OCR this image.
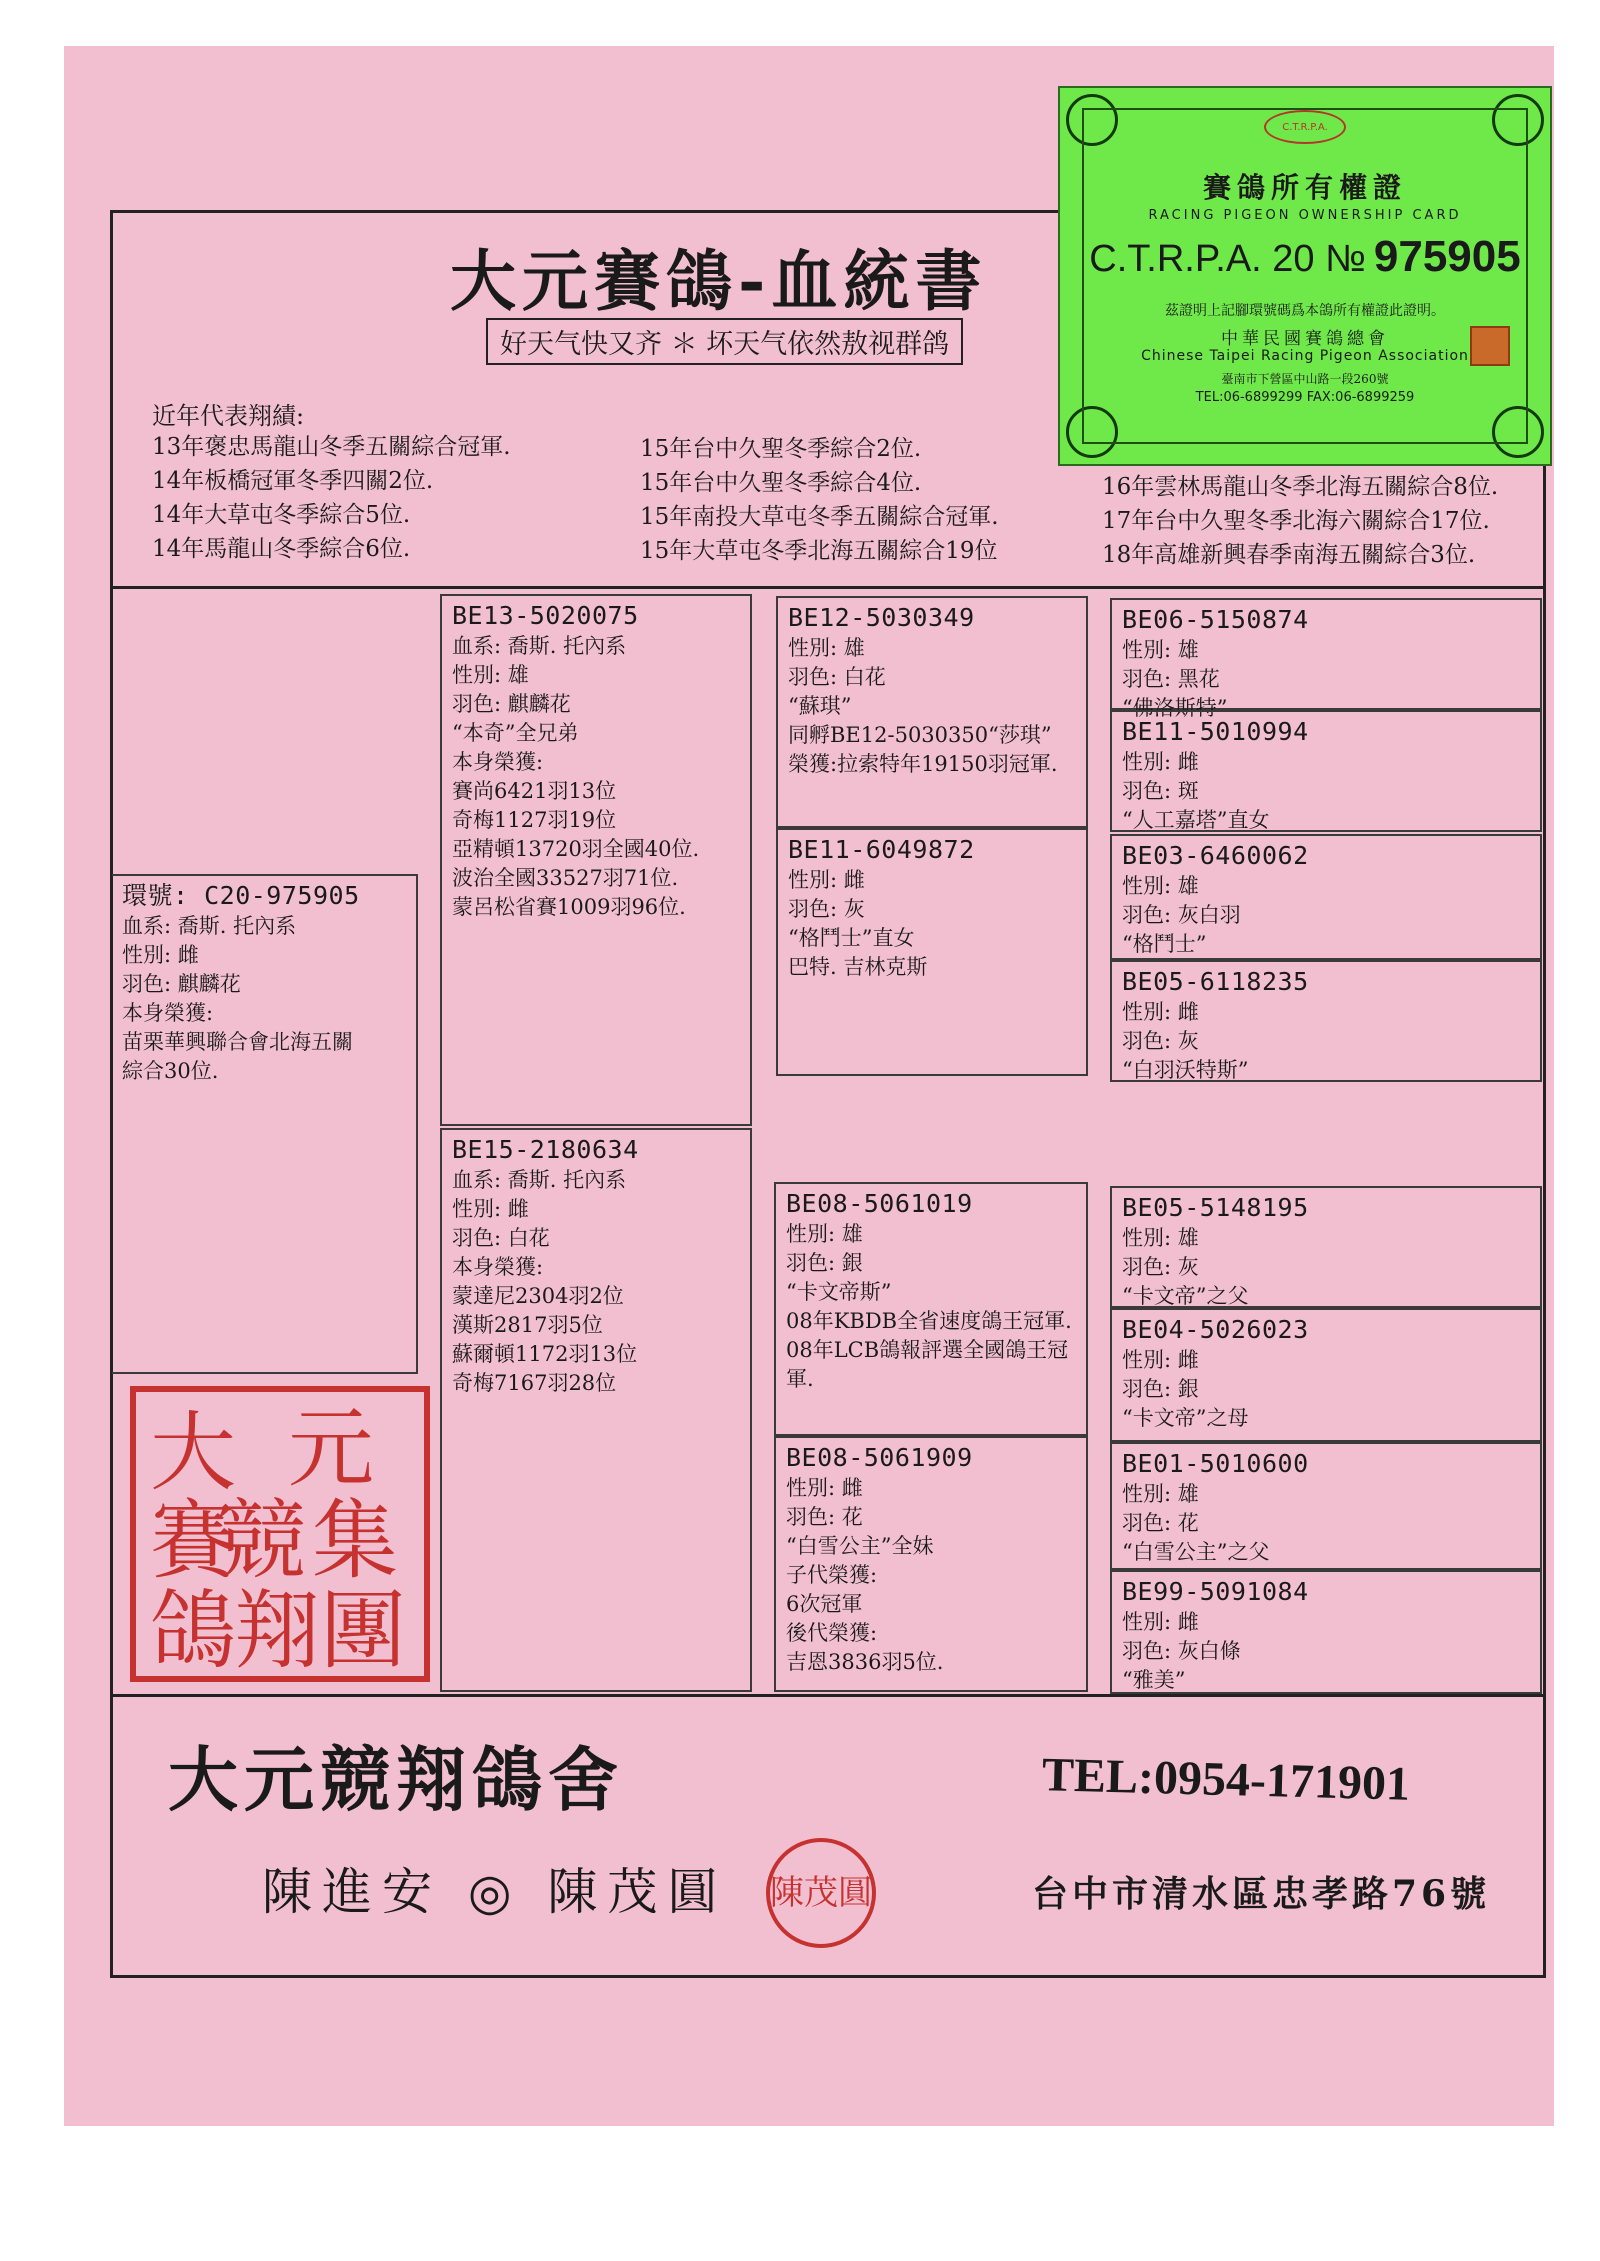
大元賽鴿-血統書
好天气快又齐 ＊ 坏天气依然敖视群鸽
近年代表翔績:
13年褒忠馬龍山冬季五關綜合冠軍.
14年板橋冠軍冬季四關2位.
14年大草屯冬季綜合5位.
14年馬龍山冬季綜合6位.
15年台中久聖冬季綜合2位.
15年台中久聖冬季綜合4位.
15年南投大草屯冬季五關綜合冠軍.
15年大草屯冬季北海五關綜合19位
16年雲林馬龍山冬季北海五關綜合8位.
17年台中久聖冬季北海六關綜合17位.
18年高雄新興春季南海五關綜合3位.
環號: C20-975905
血系: 喬斯. 托內系
性別: 雌
羽色: 麒麟花
本身榮獲:
苗栗華興聯合會北海五關
綜合30位.
BE13-5020075
血系: 喬斯. 托內系
性別: 雄
羽色: 麒麟花
“本奇”全兄弟
本身榮獲:
賽尚6421羽13位
奇梅1127羽19位
亞精頓13720羽全國40位.
波治全國33527羽71位.
蒙呂松省賽1009羽96位.
BE15-2180634
血系: 喬斯. 托內系
性別: 雌
羽色: 白花
本身榮獲:
蒙達尼2304羽2位
漢斯2817羽5位
蘇爾頓1172羽13位
奇梅7167羽28位
BE12-5030349
性別: 雄
羽色: 白花
“蘇琪”
同孵BE12-5030350“莎琪”
榮獲:拉索特年19150羽冠軍.
BE11-6049872
性別: 雌
羽色: 灰
“格鬥士”直女
巴特. 吉林克斯
BE08-5061019
性別: 雄
羽色: 銀
“卡文帝斯”
08年KBDB全省速度鴿王冠軍.
08年LCB鴿報評選全國鴿王冠
軍.
BE08-5061909
性別: 雌
羽色: 花
“白雪公主”全妹
子代榮獲:
6次冠軍
後代榮獲:
吉恩3836羽5位.
BE06-5150874
性別: 雄
羽色: 黑花
“佛洛斯特”
BE11-5010994
性別: 雌
羽色: 斑
“人工嘉塔”直女
BE03-6460062
性別: 雄
羽色: 灰白羽
“格鬥士”
BE05-6118235
性別: 雌
羽色: 灰
“白羽沃特斯”
BE05-5148195
性別: 雄
羽色: 灰
“卡文帝”之父
BE04-5026023
性別: 雌
羽色: 銀
“卡文帝”之母
BE01-5010600
性別: 雄
羽色: 花
“白雪公主”之父
BE99-5091084
性別: 雌
羽色: 灰白條
“雅美”
大 元
賽
競 集
鴿
翔 團
C.T.R.P.A.
賽鴿所有權證
RACING PIGEON OWNERSHIP CARD
C.T.R.P.A. 20 № 975905
茲證明上記腳環號碼爲本鴿所有權證此證明。
中華民國賽鴿總會
Chinese Taipei Racing Pigeon Association
臺南市下營區中山路一段260號
TEL:06-6899299 FAX:06-6899259
大元競翔鴿舍	TEL:0954-171901
陳進安 ◎ 陳茂圓 陳茂圓	台中市清水區忠孝路76號
